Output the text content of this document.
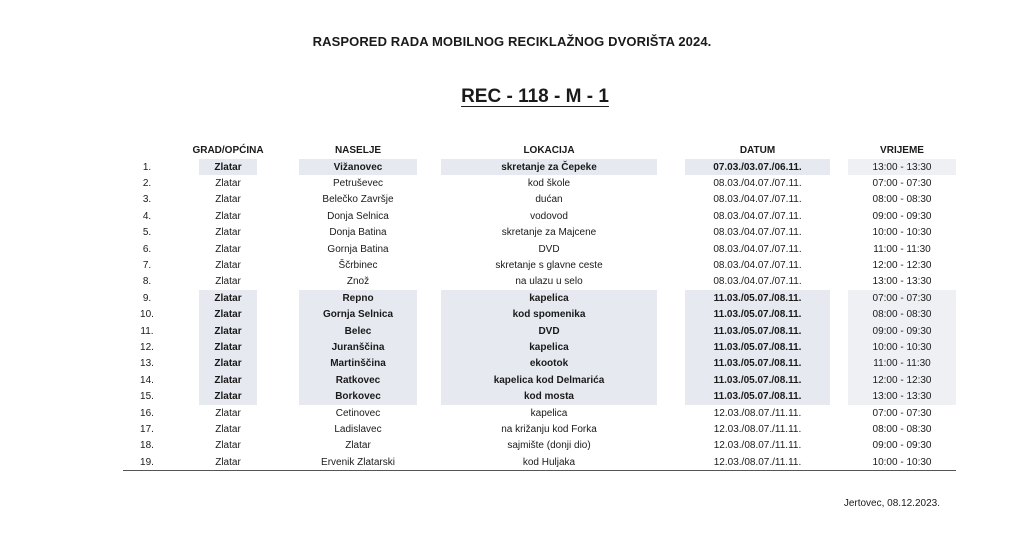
RASPORED RADA MOBILNOG RECIKLAŽNOG DVORIŠTA 2024.
REC - 118 - M - 1
	GRAD/OPĆINA	NASELJE	LOKACIJA	DATUM	VRIJEME
1.	Zlatar	Vižanovec	skretanje za Čepeke	07.03./03.07./06.11.	13:00 - 13:30
2.	Zlatar	Petruševec	kod škole	08.03./04.07./07.11.	07:00 - 07:30
3.	Zlatar	Belečko Završje	dućan	08.03./04.07./07.11.	08:00 - 08:30
4.	Zlatar	Donja Selnica	vodovod	08.03./04.07./07.11.	09:00 - 09:30
5.	Zlatar	Donja Batina	skretanje za Majcene	08.03./04.07./07.11.	10:00 - 10:30
6.	Zlatar	Gornja Batina	DVD	08.03./04.07./07.11.	11:00 - 11:30
7.	Zlatar	Ščrbinec	skretanje s glavne ceste	08.03./04.07./07.11.	12:00 - 12:30
8.	Zlatar	Znož	na ulazu u selo	08.03./04.07./07.11.	13:00 - 13:30
9.	Zlatar	Repno	kapelica	11.03./05.07./08.11.	07:00 - 07:30
10.	Zlatar	Gornja Selnica	kod spomenika	11.03./05.07./08.11.	08:00 - 08:30
11.	Zlatar	Belec	DVD	11.03./05.07./08.11.	09:00 - 09:30
12.	Zlatar	Juranščina	kapelica	11.03./05.07./08.11.	10:00 - 10:30
13.	Zlatar	Martinščina	ekootok	11.03./05.07./08.11.	11:00 - 11:30
14.	Zlatar	Ratkovec	kapelica kod Delmarića	11.03./05.07./08.11.	12:00 - 12:30
15.	Zlatar	Borkovec	kod mosta	11.03./05.07./08.11.	13:00 - 13:30
16.	Zlatar	Cetinovec	kapelica	12.03./08.07./11.11.	07:00 - 07:30
17.	Zlatar	Ladislavec	na križanju kod Forka	12.03./08.07./11.11.	08:00 - 08:30
18.	Zlatar	Zlatar	sajmište (donji dio)	12.03./08.07./11.11.	09:00 - 09:30
19.	Zlatar	Ervenik Zlatarski	kod Huljaka	12.03./08.07./11.11.	10:00 - 10:30
Jertovec, 08.12.2023.
